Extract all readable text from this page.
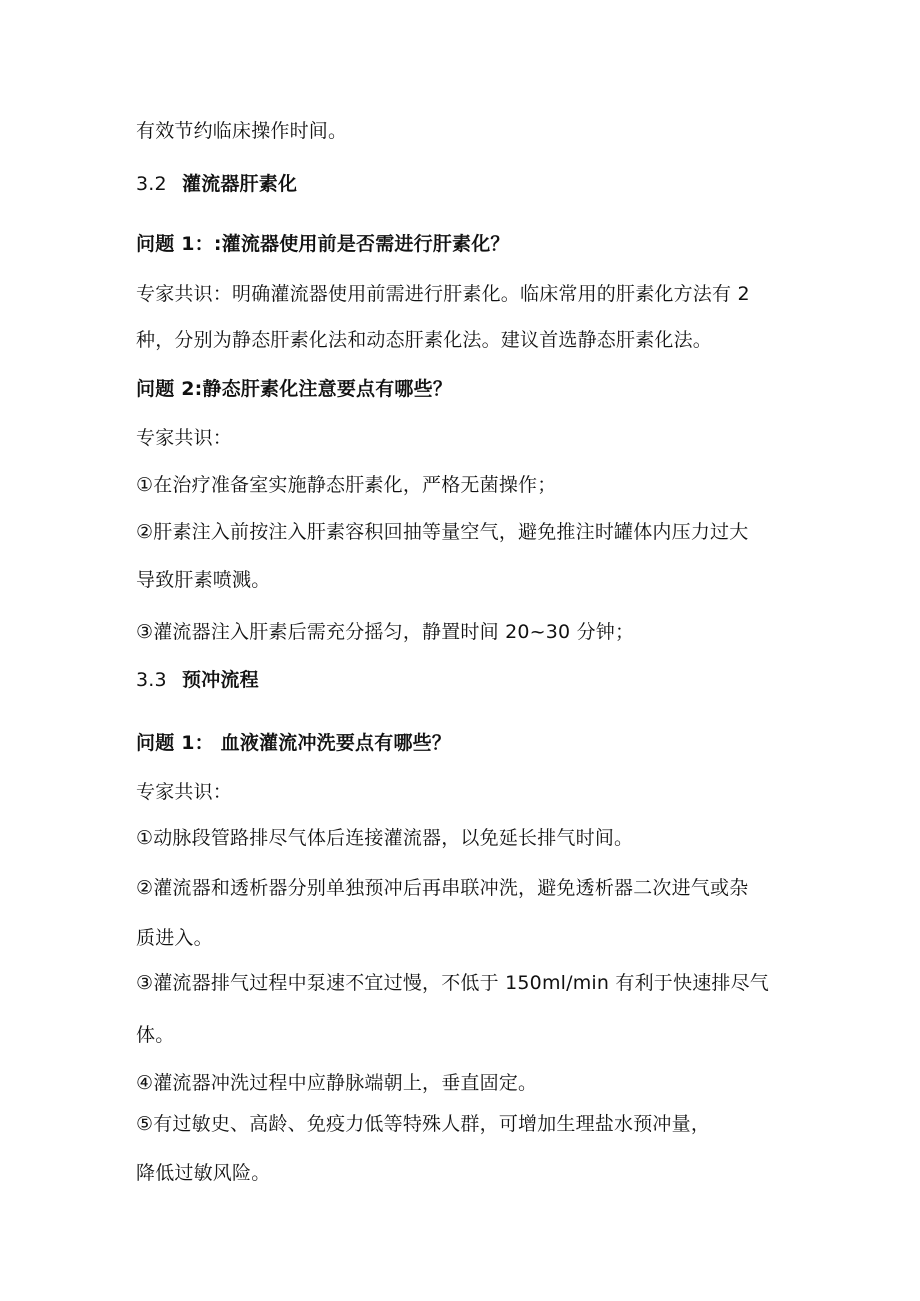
有效节约临床操作时间。
3.2 灌流器肝素化
问题 1：:灌流器使用前是否需进行肝素化？
专家共识：明确灌流器使用前需进行肝素化。临床常用的肝素化方法有 2
种，分别为静态肝素化法和动态肝素化法。建议首选静态肝素化法。
问题 2:静态肝素化注意要点有哪些？
专家共识：
①在治疗准备室实施静态肝素化，严格无菌操作；
②肝素注入前按注入肝素容积回抽等量空气，避免推注时罐体内压力过大
导致肝素喷溅。
③灌流器注入肝素后需充分摇匀，静置时间 20~30 分钟；
3.3 预冲流程
问题 1： 血液灌流冲洗要点有哪些？
专家共识：
①动脉段管路排尽气体后连接灌流器，以免延长排气时间。
②灌流器和透析器分别单独预冲后再串联冲洗，避免透析器二次进气或杂
质进入。
③灌流器排气过程中泵速不宜过慢，不低于 150ml/min 有利于快速排尽气
体。
④灌流器冲洗过程中应静脉端朝上，垂直固定。
⑤有过敏史、高龄、免疫力低等特殊人群，可增加生理盐水预冲量，
降低过敏风险。
